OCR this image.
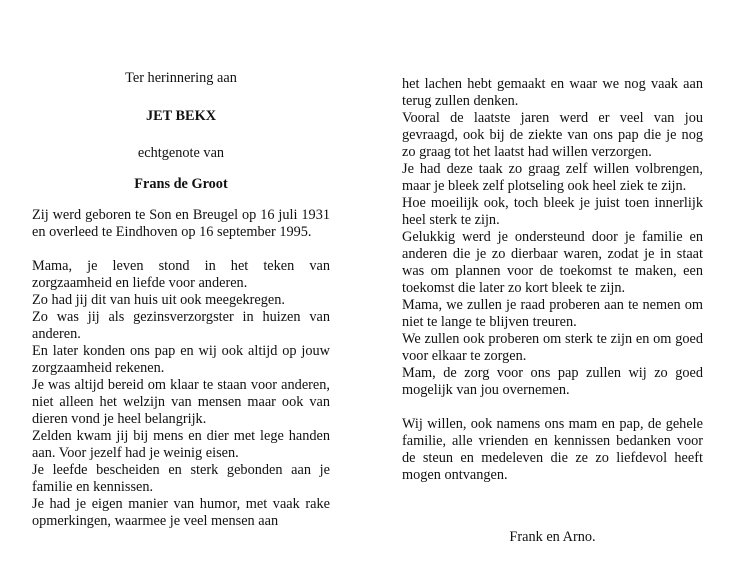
Ter herinnering aan
JET BEKX
echtgenote van
Frans de Groot

Zij werd geboren te Son en Breugel op 16 juli 1931 en overleed te Eindhoven op 16 september 1995.

Mama, je leven stond in het teken van zorgzaamheid en liefde voor anderen.

Zo had jij dit van huis uit ook meegekregen.

Zo was jij als gezinsverzorgster in huizen van anderen.

En later konden ons pap en wij ook altijd op jouw zorgzaamheid rekenen.

Je was altijd bereid om klaar te staan voor anderen, niet alleen het welzijn van mensen maar ook van dieren vond je heel belangrijk.

Zelden kwam jij bij mens en dier met lege handen aan. Voor jezelf had je weinig eisen.

Je leefde bescheiden en sterk gebonden aan je familie en kennissen.

Je had je eigen manier van humor, met vaak rake opmerkingen, waarmee je veel mensen aan

het lachen hebt gemaakt en waar we nog vaak aan terug zullen denken.

Vooral de laatste jaren werd er veel van jou gevraagd, ook bij de ziekte van ons pap die je nog zo graag tot het laatst had willen verzorgen.

Je had deze taak zo graag zelf willen volbrengen, maar je bleek zelf plotseling ook heel ziek te zijn.

Hoe moeilijk ook, toch bleek je juist toen innerlijk heel sterk te zijn.

Gelukkig werd je ondersteund door je familie en anderen die je zo dierbaar waren, zodat je in staat was om plannen voor de toekomst te maken, een toekomst die later zo kort bleek te zijn.

Mama, we zullen je raad proberen aan te nemen om niet te lange te blijven treuren.

We zullen ook proberen om sterk te zijn en om goed voor elkaar te zorgen.

Mam, de zorg voor ons pap zullen wij zo goed mogelijk van jou overnemen.

Wij willen, ook namens ons mam en pap, de gehele familie, alle vrienden en kennissen bedanken voor de steun en medeleven die ze zo liefdevol heeft mogen ontvangen.

Frank en Arno.
